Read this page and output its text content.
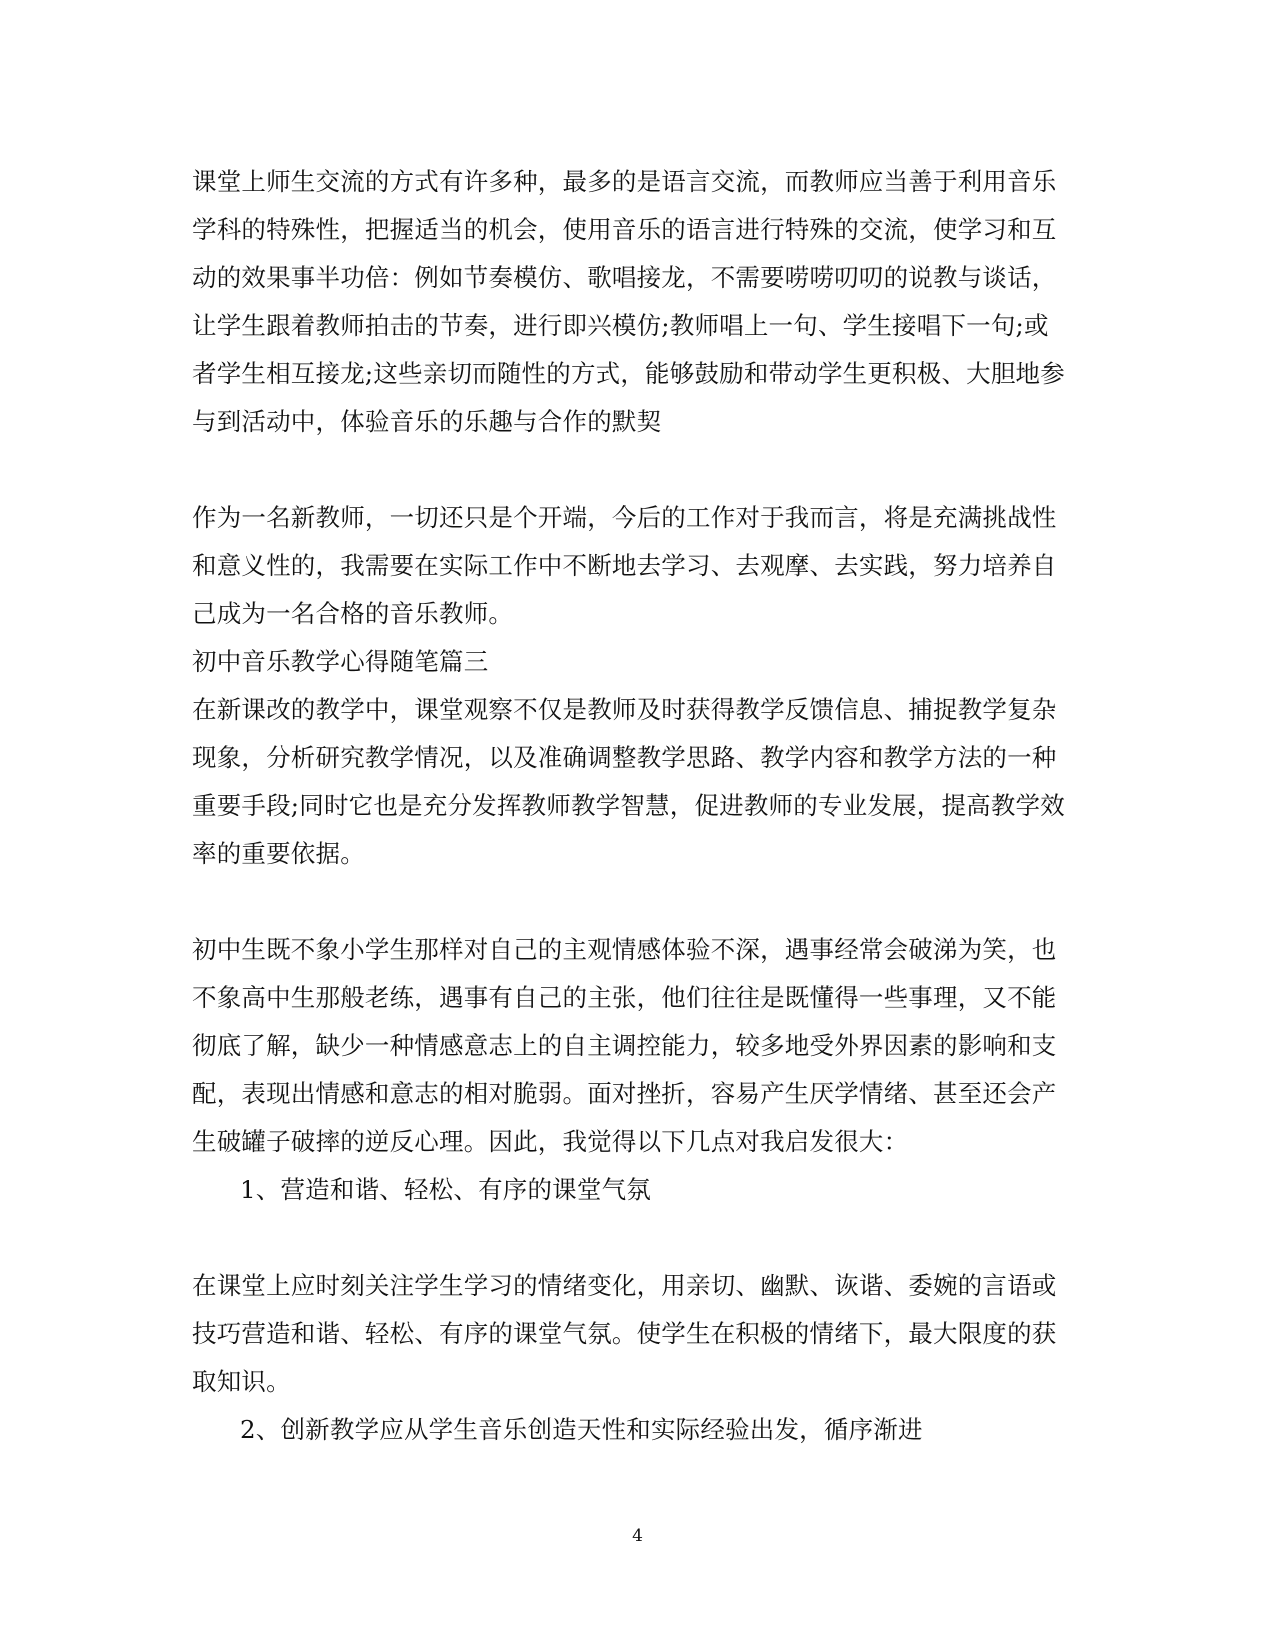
课堂上师生交流的方式有许多种，最多的是语言交流，而教师应当善于利用音乐
学科的特殊性，把握适当的机会，使用音乐的语言进行特殊的交流，使学习和互
动的效果事半功倍：例如节奏模仿、歌唱接龙，不需要唠唠叨叨的说教与谈话，
让学生跟着教师拍击的节奏，进行即兴模仿;教师唱上一句、学生接唱下一句;或
者学生相互接龙;这些亲切而随性的方式，能够鼓励和带动学生更积极、大胆地参
与到活动中，体验音乐的乐趣与合作的默契
作为一名新教师，一切还只是个开端，今后的工作对于我而言，将是充满挑战性
和意义性的，我需要在实际工作中不断地去学习、去观摩、去实践，努力培养自
己成为一名合格的音乐教师。
初中音乐教学心得随笔篇三
在新课改的教学中，课堂观察不仅是教师及时获得教学反馈信息、捕捉教学复杂
现象，分析研究教学情况，以及准确调整教学思路、教学内容和教学方法的一种
重要手段;同时它也是充分发挥教师教学智慧，促进教师的专业发展，提高教学效
率的重要依据。
初中生既不象小学生那样对自己的主观情感体验不深，遇事经常会破涕为笑，也
不象高中生那般老练，遇事有自己的主张，他们往往是既懂得一些事理，又不能
彻底了解，缺少一种情感意志上的自主调控能力，较多地受外界因素的影响和支
配，表现出情感和意志的相对脆弱。面对挫折，容易产生厌学情绪、甚至还会产
生破罐子破摔的逆反心理。因此，我觉得以下几点对我启发很大：
1、营造和谐、轻松、有序的课堂气氛
在课堂上应时刻关注学生学习的情绪变化，用亲切、幽默、诙谐、委婉的言语或
技巧营造和谐、轻松、有序的课堂气氛。使学生在积极的情绪下，最大限度的获
取知识。
2、创新教学应从学生音乐创造天性和实际经验出发，循序渐进
4
